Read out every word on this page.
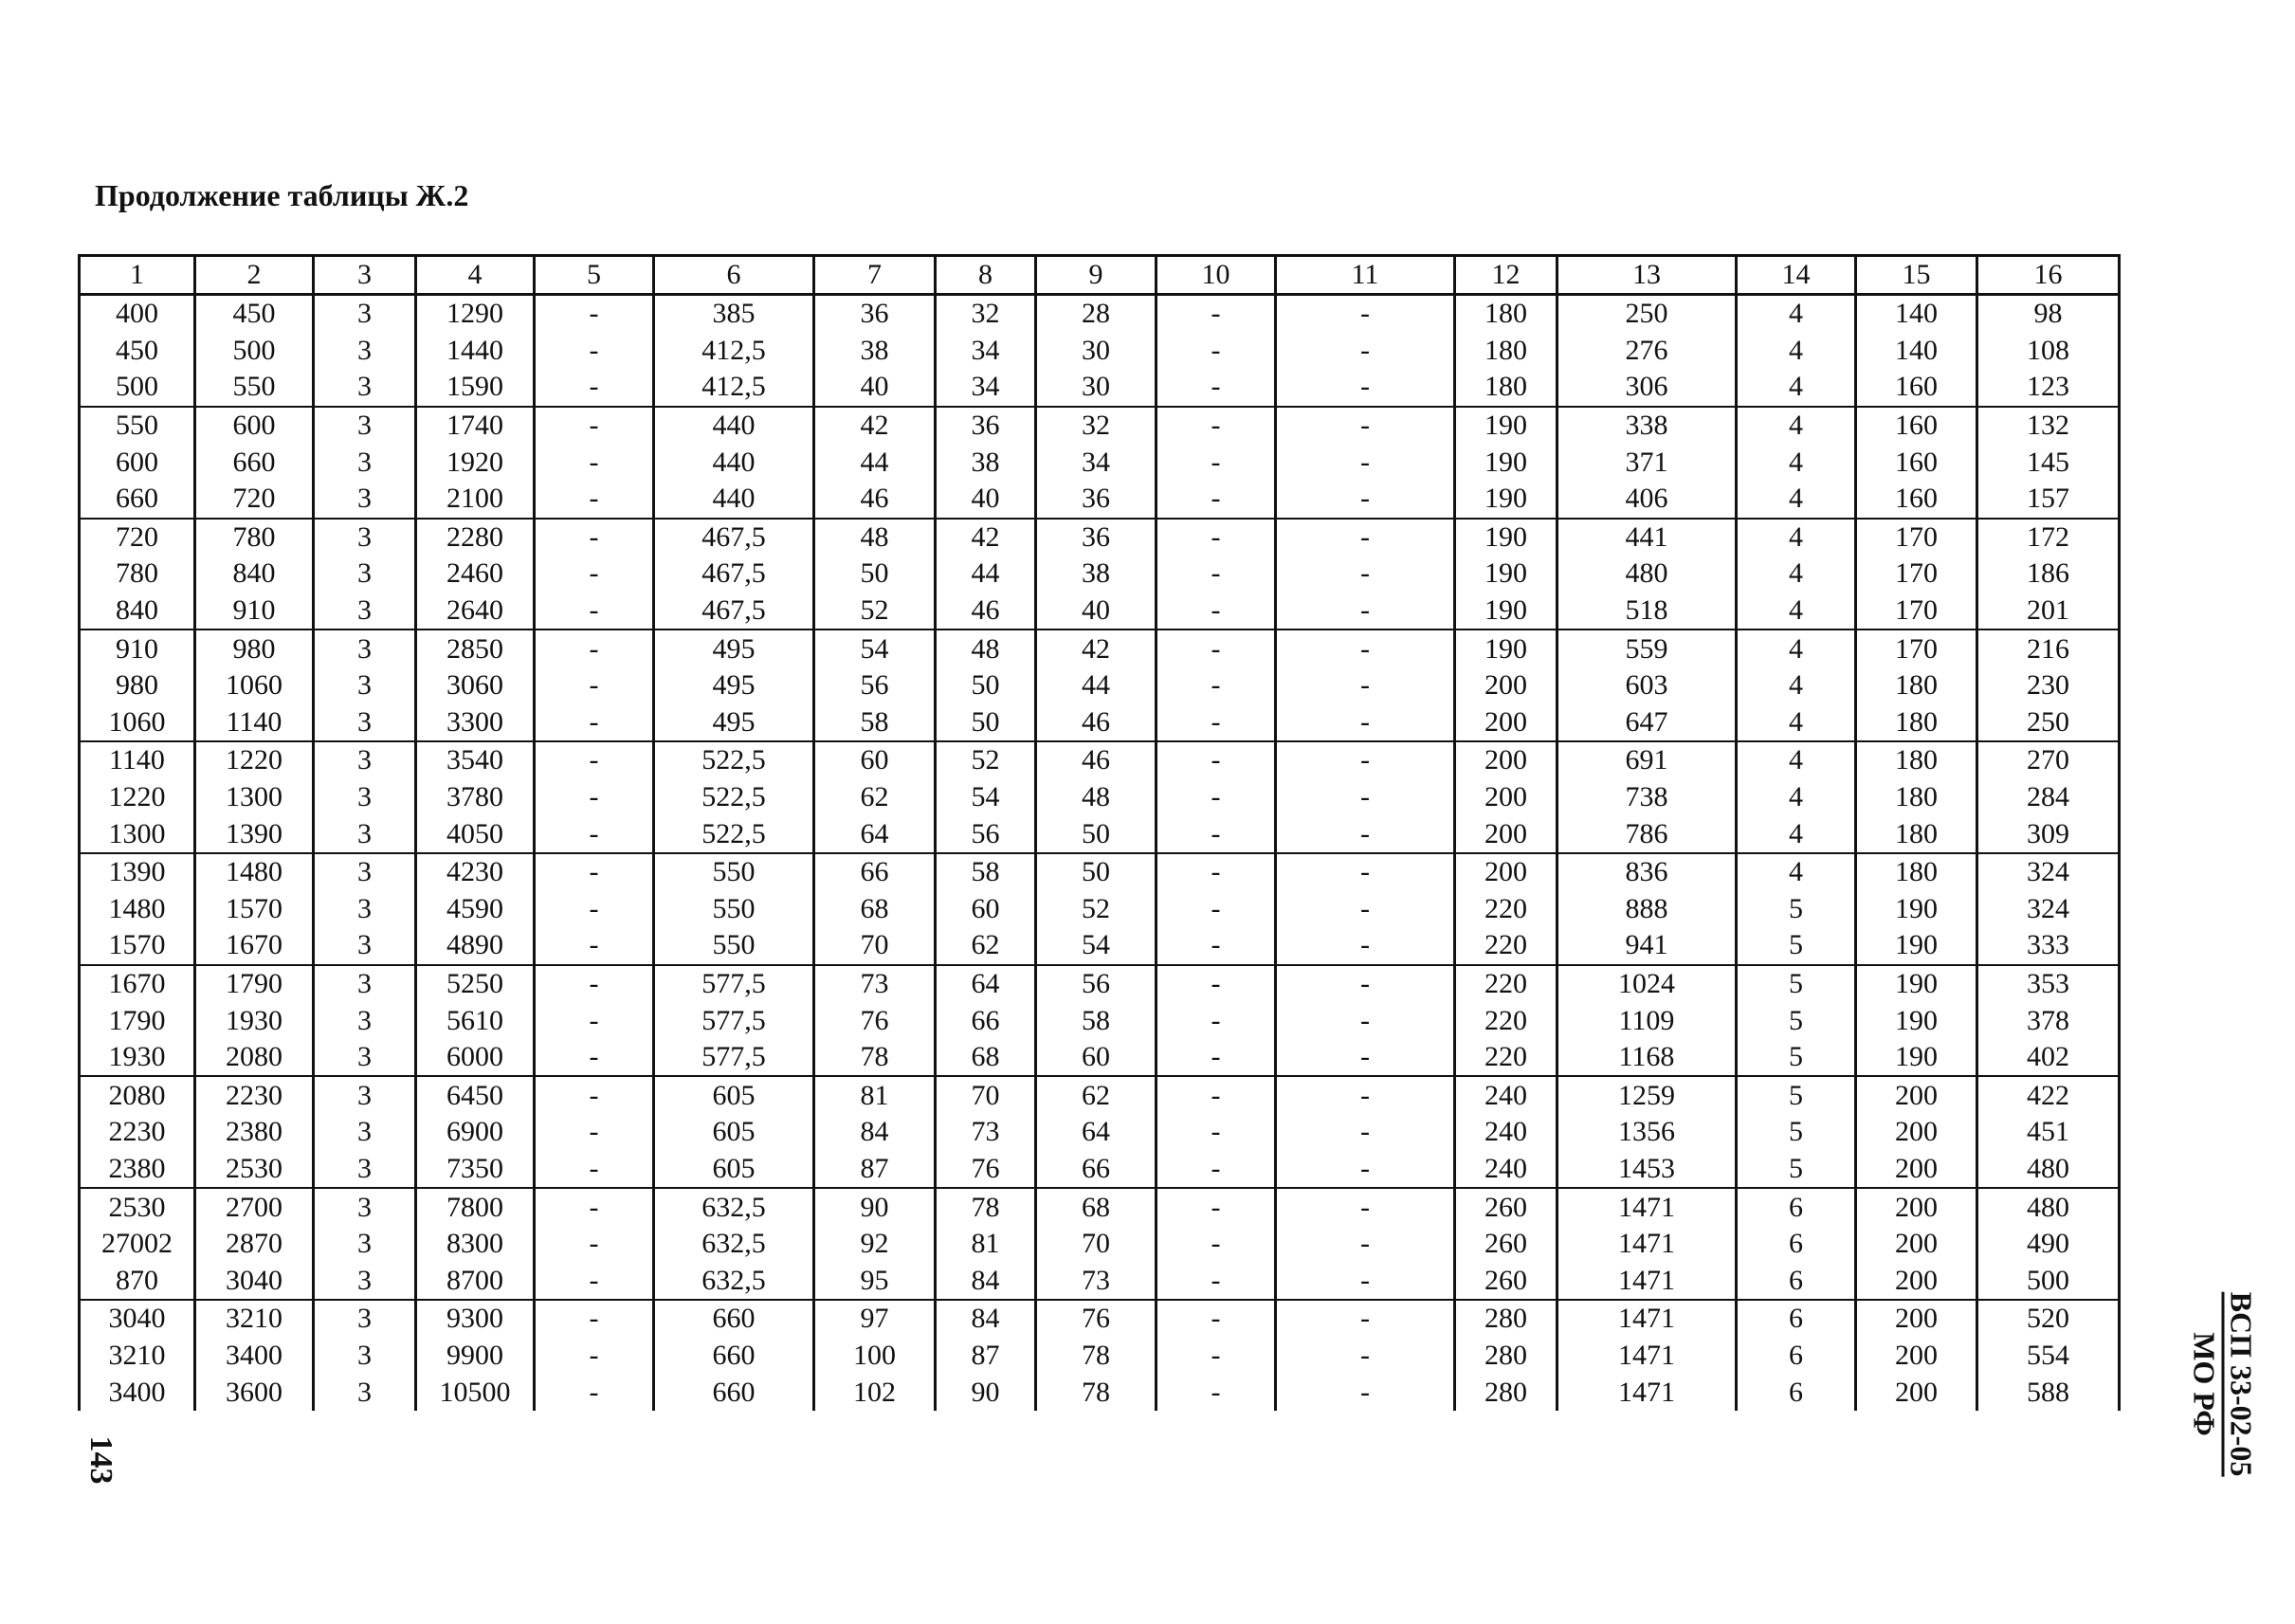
Продолжение таблицы Ж.2
1	2	3	4	5	6	7	8	9	10	11	12	13	14	15	16
400	450	3	1290	-	385	36	32	28	-	-	180	250	4	140	98
450	500	3	1440	-	412,5	38	34	30	-	-	180	276	4	140	108
500	550	3	1590	-	412,5	40	34	30	-	-	180	306	4	160	123
550	600	3	1740	-	440	42	36	32	-	-	190	338	4	160	132
600	660	3	1920	-	440	44	38	34	-	-	190	371	4	160	145
660	720	3	2100	-	440	46	40	36	-	-	190	406	4	160	157
720	780	3	2280	-	467,5	48	42	36	-	-	190	441	4	170	172
780	840	3	2460	-	467,5	50	44	38	-	-	190	480	4	170	186
840	910	3	2640	-	467,5	52	46	40	-	-	190	518	4	170	201
910	980	3	2850	-	495	54	48	42	-	-	190	559	4	170	216
980	1060	3	3060	-	495	56	50	44	-	-	200	603	4	180	230
1060	1140	3	3300	-	495	58	50	46	-	-	200	647	4	180	250
1140	1220	3	3540	-	522,5	60	52	46	-	-	200	691	4	180	270
1220	1300	3	3780	-	522,5	62	54	48	-	-	200	738	4	180	284
1300	1390	3	4050	-	522,5	64	56	50	-	-	200	786	4	180	309
1390	1480	3	4230	-	550	66	58	50	-	-	200	836	4	180	324
1480	1570	3	4590	-	550	68	60	52	-	-	220	888	5	190	324
1570	1670	3	4890	-	550	70	62	54	-	-	220	941	5	190	333
1670	1790	3	5250	-	577,5	73	64	56	-	-	220	1024	5	190	353
1790	1930	3	5610	-	577,5	76	66	58	-	-	220	1109	5	190	378
1930	2080	3	6000	-	577,5	78	68	60	-	-	220	1168	5	190	402
2080	2230	3	6450	-	605	81	70	62	-	-	240	1259	5	200	422
2230	2380	3	6900	-	605	84	73	64	-	-	240	1356	5	200	451
2380	2530	3	7350	-	605	87	76	66	-	-	240	1453	5	200	480
2530	2700	3	7800	-	632,5	90	78	68	-	-	260	1471	6	200	480
27002	2870	3	8300	-	632,5	92	81	70	-	-	260	1471	6	200	490
870	3040	3	8700	-	632,5	95	84	73	-	-	260	1471	6	200	500
3040	3210	3	9300	-	660	97	84	76	-	-	280	1471	6	200	520
3210	3400	3	9900	-	660	100	87	78	-	-	280	1471	6	200	554
3400	3600	3	10500	-	660	102	90	78	-	-	280	1471	6	200	588	ВСП 33-02-05
МО РФ
143
